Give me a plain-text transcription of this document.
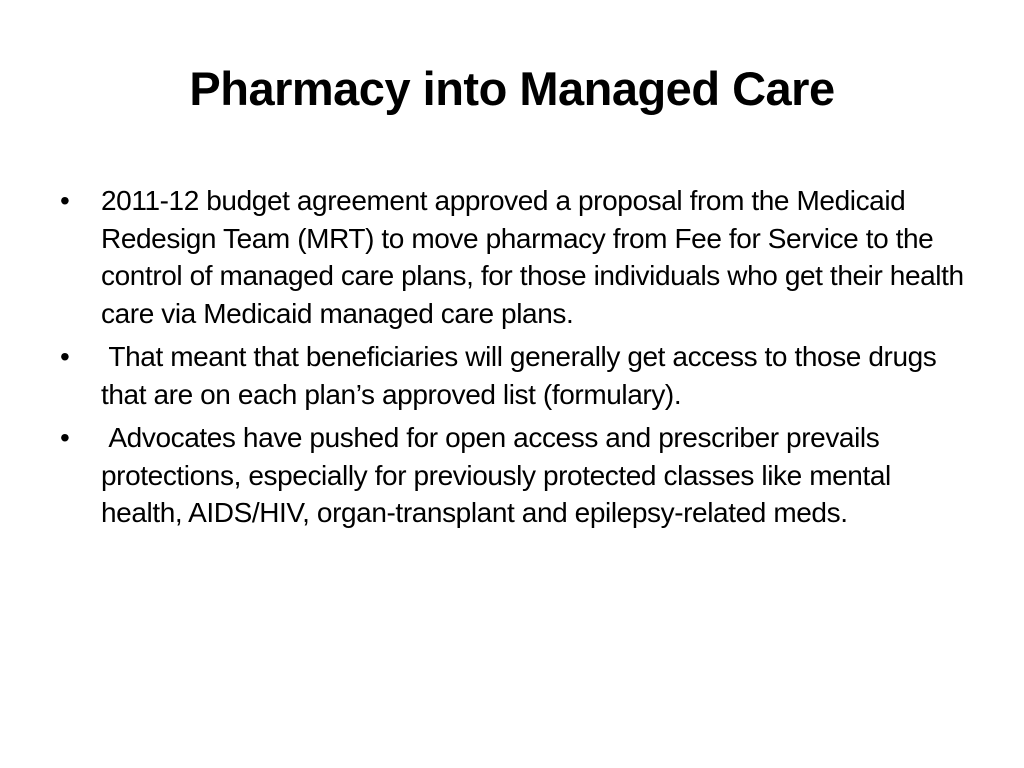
Pharmacy into Managed Care
• 2011-12 budget agreement approved a proposal from the Medicaid Redesign Team (MRT) to move pharmacy from Fee for Service to the control of managed care plans, for those individuals who get their health care via Medicaid managed care plans.
• That meant that beneficiaries will generally get access to those drugs that are on each plan’s approved list (formulary).
• Advocates have pushed for open access and prescriber prevails protections, especially for previously protected classes like mental health, AIDS/HIV, organ-transplant and epilepsy-related meds.
